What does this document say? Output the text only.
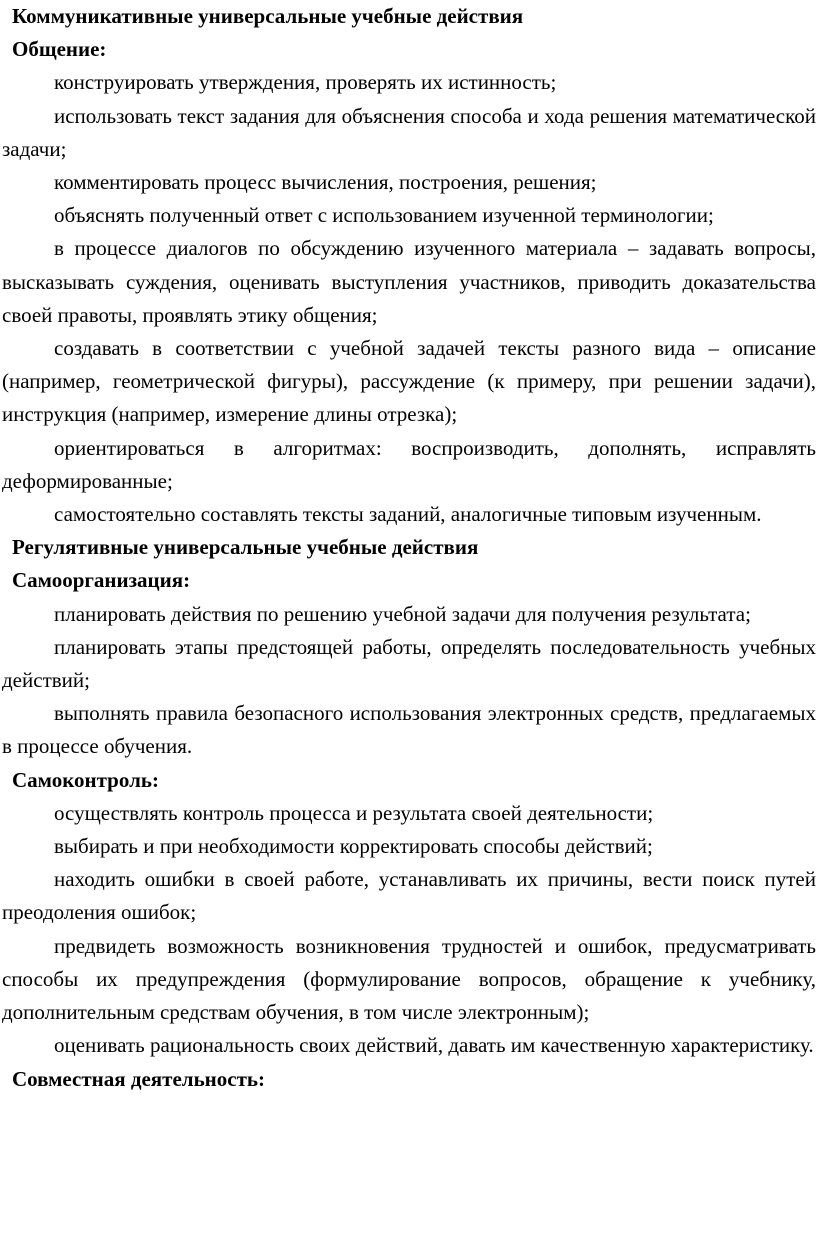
Коммуникативные универсальные учебные действия

Общение:

конструировать утверждения, проверять их истинность;

использовать текст задания для объяснения способа и хода решения математической задачи;

комментировать процесс вычисления, построения, решения;

объяснять полученный ответ с использованием изученной терминологии;

в процессе диалогов по обсуждению изученного материала – задавать вопросы, высказывать суждения, оценивать выступления участников, приводить доказательства своей правоты, проявлять этику общения;

создавать в соответствии с учебной задачей тексты разного вида – описание (например, геометрической фигуры), рассуждение (к примеру, при решении задачи), инструкция (например, измерение длины отрезка);

ориентироваться в алгоритмах: воспроизводить, дополнять, исправлять деформированные;

самостоятельно составлять тексты заданий, аналогичные типовым изученным.

Регулятивные универсальные учебные действия

Самоорганизация:

планировать действия по решению учебной задачи для получения результата;

планировать этапы предстоящей работы, определять последовательность учебных действий;

выполнять правила безопасного использования электронных средств, предлагаемых в процессе обучения.

Самоконтроль:

осуществлять контроль процесса и результата своей деятельности;

выбирать и при необходимости корректировать способы действий;

находить ошибки в своей работе, устанавливать их причины, вести поиск путей преодоления ошибок;

предвидеть возможность возникновения трудностей и ошибок, предусматривать способы их предупреждения (формулирование вопросов, обращение к учебнику, дополнительным средствам обучения, в том числе электронным);

оценивать рациональность своих действий, давать им качественную характеристику.

Совместная деятельность:
